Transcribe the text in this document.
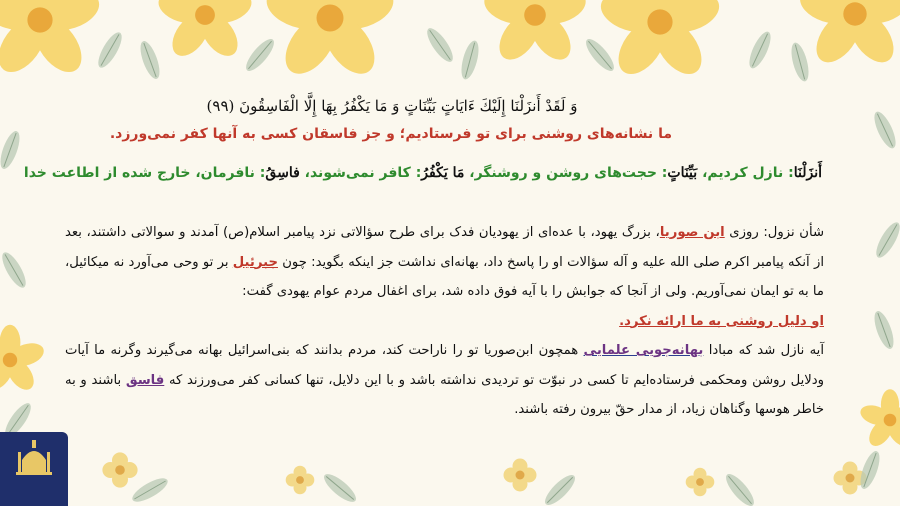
وَ لَقَدْ أَنزَلْنَا إِلَيْكَ ءَايَاتٍ بَيِّنَاتٍ وَ مَا يَكْفُرُ بِهَا إِلَّا الْفَاسِقُونَ (٩٩)
ما نشانه‌های روشنی برای تو فرستادیم؛ و جز فاسقان کسی به آنها کفر نمی‌ورزد.
أَنزَلْنَا: نازل کردیم، بَيِّنَاتٍ: حجت‌های روشن و روشنگر، مَا يَكْفُرُ: کافر نمی‌شوند، فاسِقُ: نافرمان، خارج شده از اطاعت خدا
شأن نزول: روزی ابن صوریا، بزرگ یهود، با عده‌ای از یهودیان فدک برای طرح سؤالاتی نزد پیامبر اسلام(ص) آمدند و سوالاتی داشتند، بعد از آنکه پیامبر اکرم صلی الله علیه و آله سؤالات او را پاسخ داد، بهانه‌ای نداشت جز اینکه بگوید: چون جبرئیل بر تو وحی می‌آورد نه میکائیل، ما به تو ایمان نمی‌آوریم. ولی از آنجا که جوابش را با آیه فوق داده شد، برای اغفال مردم عوام یهودی گفت:
او دلیل روشنی به ما ارائه نکرد.
آیه نازل شد که مبادا بهانه‌جویی علمایی همچون ابن‌صوریا تو را ناراحت کند، مردم بدانند که بنی‌اسرائیل بهانه می‌گیرند وگرنه ما آیات ودلایل روشن ومحکمی فرستاده‌ایم تا کسی در نبوّت تو تردیدی نداشته باشد و با این دلایل، تنها کسانی کفر می‌ورزند که فاسق باشند و به خاطر هوسها وگناهان زیاد، از مدار حقّ بیرون رفته باشند.
